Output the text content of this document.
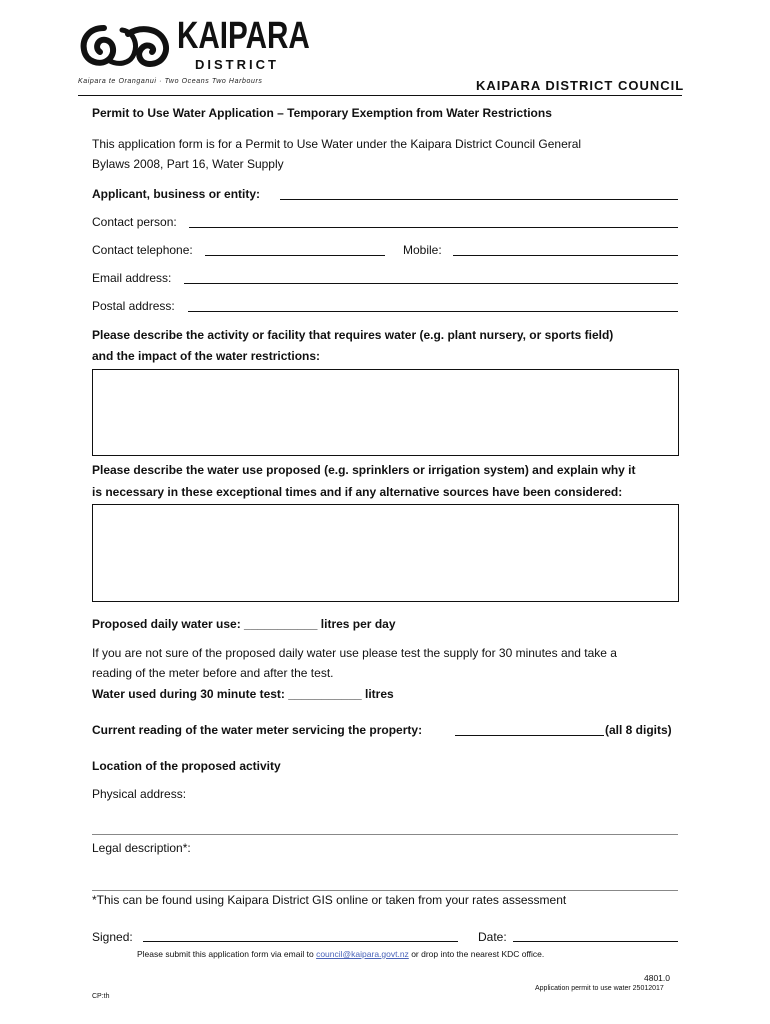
KAIPARA
DISTRICT
Kaipara te Oranganui · Two Oceans Two Harbours	KAIPARA DISTRICT COUNCIL
Permit to Use Water Application – Temporary Exemption from Water Restrictions
This application form is for a Permit to Use Water under the Kaipara District Council General
Bylaws 2008, Part 16, Water Supply
Applicant, business or entity:
Contact person:
Contact telephone:	Mobile:
Email address:
Postal address:
Please describe the activity or facility that requires water (e.g. plant nursery, or sports field)
and the impact of the water restrictions:
Please describe the water use proposed (e.g. sprinklers or irrigation system) and explain why it
is necessary in these exceptional times and if any alternative sources have been considered:
Proposed daily water use: ___________ litres per day
If you are not sure of the proposed daily water use please test the supply for 30 minutes and take a
reading of the meter before and after the test.
Water used during 30 minute test: ___________ litres
Current reading of the water meter servicing the property:	(all 8 digits)
Location of the proposed activity
Physical address:
Legal description*:
*This can be found using Kaipara District GIS online or taken from your rates assessment
Signed:	Date:
Please submit this application form via email to council@kaipara.govt.nz or drop into the nearest KDC office.
4801.0
Application permit to use water 25012017
CP:th
